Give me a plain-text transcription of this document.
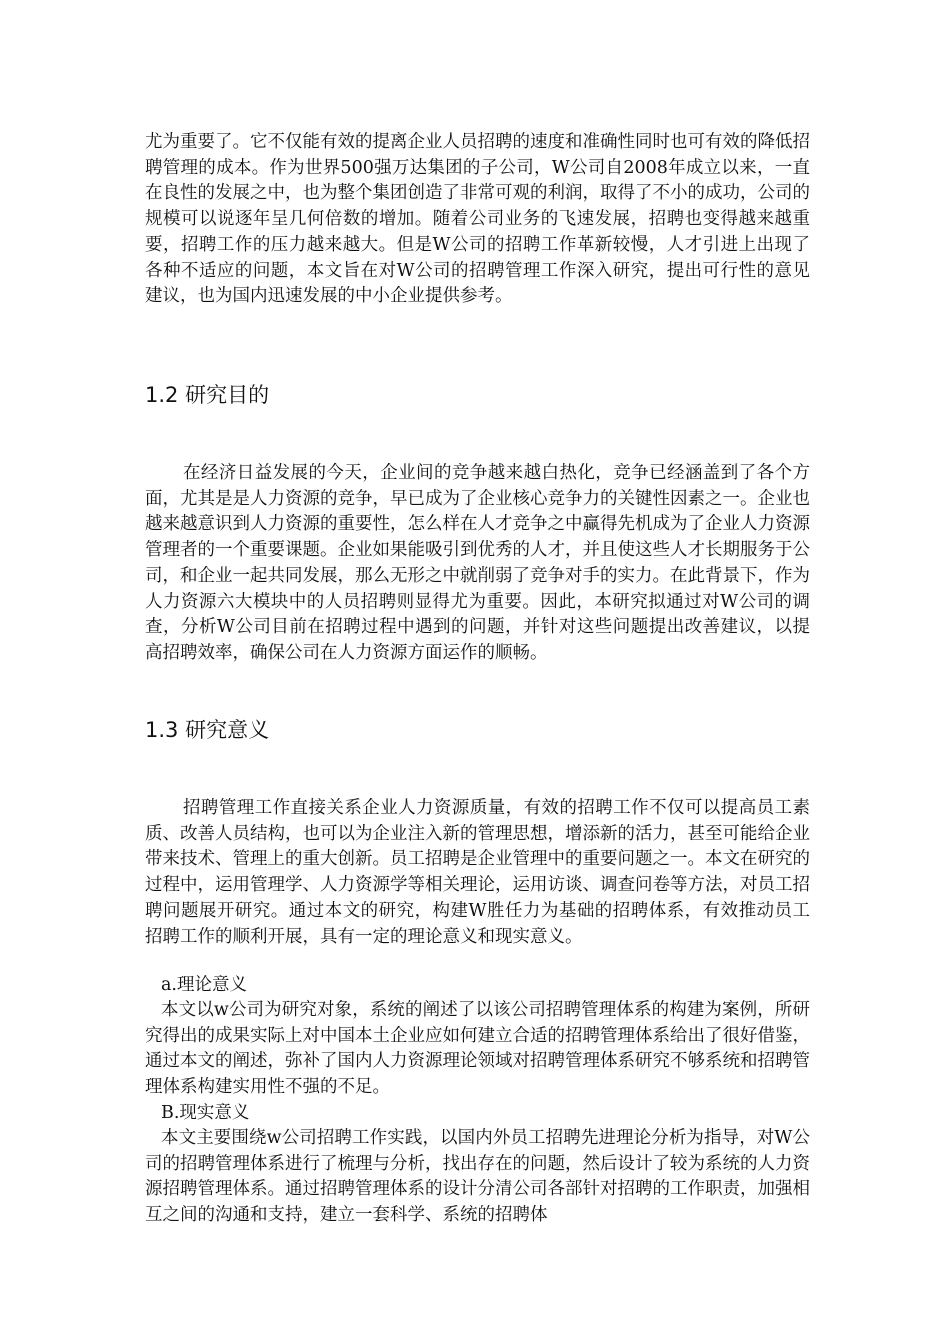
尤为重要了。它不仅能有效的提离企业人员招聘的速度和准确性同时也可有效的降低招聘管理的成本。作为世界500强万达集团的子公司，W公司自2008年成立以来，一直在良性的发展之中，也为整个集团创造了非常可观的利润，取得了不小的成功，公司的规模可以说逐年呈几何倍数的增加。随着公司业务的飞速发展，招聘也变得越来越重要，招聘工作的压力越来越大。但是W公司的招聘工作革新较慢，人才引进上出现了各种不适应的问题，本文旨在对W公司的招聘管理工作深入研究，提出可行性的意见建议，也为国内迅速发展的中小企业提供参考。

1.2 研究目的

在经济日益发展的今天，企业间的竞争越来越白热化，竞争已经涵盖到了各个方面，尤其是是人力资源的竞争，早已成为了企业核心竞争力的关键性因素之一。企业也越来越意识到人力资源的重要性，怎么样在人才竞争之中赢得先机成为了企业人力资源管理者的一个重要课题。企业如果能吸引到优秀的人才，并且使这些人才长期服务于公司，和企业一起共同发展，那么无形之中就削弱了竞争对手的实力。在此背景下，作为人力资源六大模块中的人员招聘则显得尤为重要。因此，本研究拟通过对W公司的调查，分析W公司目前在招聘过程中遇到的问题，并针对这些问题提出改善建议，以提高招聘效率，确保公司在人力资源方面运作的顺畅。

1.3 研究意义

招聘管理工作直接关系企业人力资源质量，有效的招聘工作不仅可以提高员工素质、改善人员结构，也可以为企业注入新的管理思想，增添新的活力，甚至可能给企业带来技术、管理上的重大创新。员工招聘是企业管理中的重要问题之一。本文在研究的过程中，运用管理学、人力资源学等相关理论，运用访谈、调查问卷等方法，对员工招聘问题展开研究。通过本文的研究，构建W胜任力为基础的招聘体系，有效推动员工招聘工作的顺利开展，具有一定的理论意义和现实意义。

a.理论意义

本文以w公司为研究对象，系统的阐述了以该公司招聘管理体系的构建为案例，所研究得出的成果实际上对中国本土企业应如何建立合适的招聘管理体系给出了很好借鉴，通过本文的阐述，弥补了国内人力资源理论领域对招聘管理体系研究不够系统和招聘管理体系构建实用性不强的不足。

B.现实意义

本文主要围绕w公司招聘工作实践，以国内外员工招聘先进理论分析为指导，对W公司的招聘管理体系进行了梳理与分析，找出存在的问题，然后设计了较为系统的人力资源招聘管理体系。通过招聘管理体系的设计分清公司各部针对招聘的工作职责，加强相互之间的沟通和支持，建立一套科学、系统的招聘体
